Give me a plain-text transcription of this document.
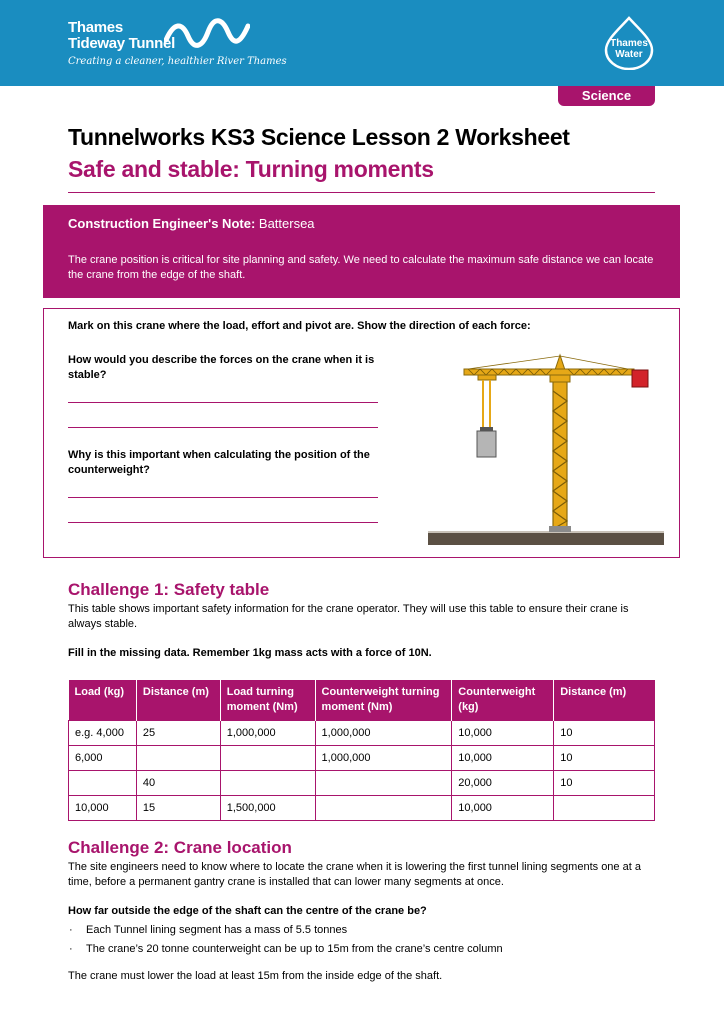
Thames
Tideway Tunnel
Creating a cleaner, healthier River Thames
Thames
Water
Science
Tunnelworks KS3 Science Lesson 2 Worksheet
Safe and stable: Turning moments
Construction Engineer's Note: Battersea
The crane position is critical for site planning and safety. We need to calculate the maximum safe distance we can locate the crane from the edge of the shaft.
Mark on this crane where the load, effort and pivot are. Show the direction of each force:
How would you describe the forces on the crane when it is stable?
Why is this important when calculating the position of the counterweight?
Challenge 1: Safety table
This table shows important safety information for the crane operator. They will use this table to ensure their crane is always stable.
Fill in the missing data. Remember 1kg mass acts with a force of 10N.
Load (kg)	Distance (m)	Load turning moment (Nm)	Counterweight turning moment (Nm)	Counterweight (kg)	Distance (m)
e.g. 4,000	25	1,000,000	1,000,000	10,000	10
6,000			1,000,000	10,000	10
	40			20,000	10
10,000	15	1,500,000		10,000	
Challenge 2: Crane location
The site engineers need to know where to locate the crane when it is lowering the first tunnel lining segments one at a time, before a permanent gantry crane is installed that can lower many segments at once.
How far outside the edge of the shaft can the centre of the crane be?
· Each Tunnel lining segment has a mass of 5.5 tonnes
· The crane’s 20 tonne counterweight can be up to 15m from the crane’s centre column
The crane must lower the load at least 15m from the inside edge of the shaft.
